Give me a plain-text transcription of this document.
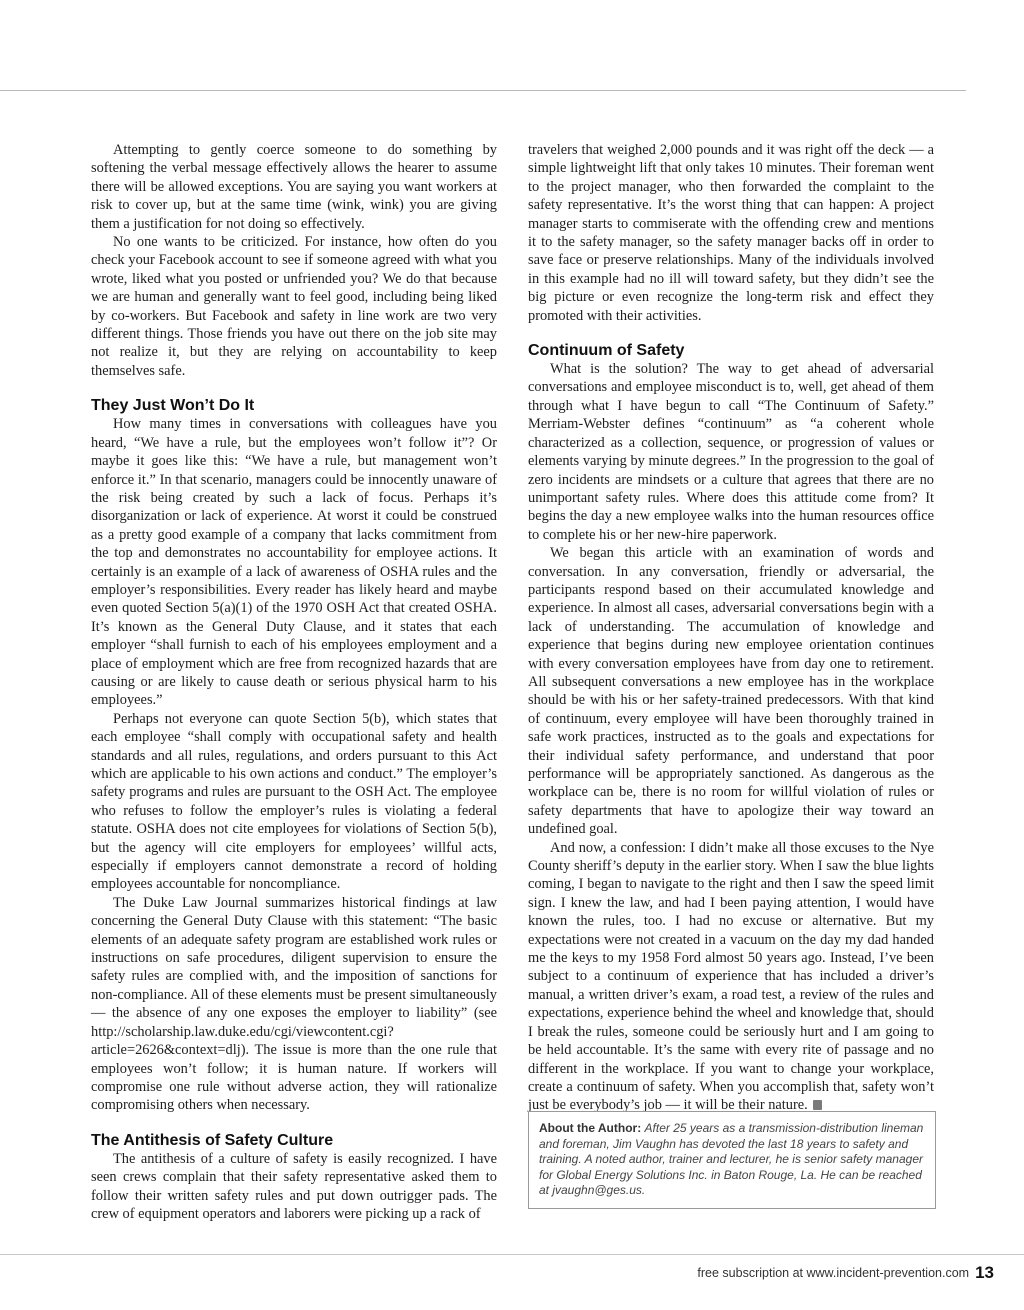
Attempting to gently coerce someone to do something by softening the verbal message effectively allows the hearer to assume there will be allowed exceptions. You are saying you want workers at risk to cover up, but at the same time (wink, wink) you are giving them a justification for not doing so effectively.

No one wants to be criticized. For instance, how often do you check your Facebook account to see if someone agreed with what you wrote, liked what you posted or unfriended you? We do that because we are human and generally want to feel good, including being liked by co-workers. But Facebook and safety in line work are two very different things. Those friends you have out there on the job site may not realize it, but they are relying on accountability to keep themselves safe.

They Just Won’t Do It

How many times in conversations with colleagues have you heard, “We have a rule, but the employees won’t follow it”? Or maybe it goes like this: “We have a rule, but management won’t enforce it.” In that scenario, managers could be innocently unaware of the risk being created by such a lack of focus. Perhaps it’s disorganization or lack of experience. At worst it could be construed as a pretty good example of a company that lacks commitment from the top and demonstrates no accountability for employee actions. It certainly is an example of a lack of awareness of OSHA rules and the employer’s responsibilities. Every reader has likely heard and maybe even quoted Section 5(a)(1) of the 1970 OSH Act that created OSHA. It’s known as the General Duty Clause, and it states that each employer “shall furnish to each of his employees employment and a place of employment which are free from recognized hazards that are causing or are likely to cause death or serious physical harm to his employees.”

Perhaps not everyone can quote Section 5(b), which states that each employee “shall comply with occupational safety and health standards and all rules, regulations, and orders pursuant to this Act which are applicable to his own actions and conduct.” The employer’s safety programs and rules are pursuant to the OSH Act. The employee who refuses to follow the employer’s rules is violating a federal statute. OSHA does not cite employees for violations of Section 5(b), but the agency will cite employers for employees’ willful acts, especially if employers cannot demonstrate a record of holding employees accountable for noncompliance.

The Duke Law Journal summarizes historical findings at law concerning the General Duty Clause with this statement: “The basic elements of an adequate safety program are established work rules or instructions on safe procedures, diligent supervision to ensure the safety rules are complied with, and the imposition of sanctions for non-compliance. All of these elements must be present simultaneously — the absence of any one exposes the employer to liability” (see http://scholarship.law.duke.edu/cgi/viewcontent.cgi?article=2626&context=dlj). The issue is more than the one rule that employees won’t follow; it is human nature. If workers will compromise one rule without adverse action, they will rationalize compromising others when necessary.

The Antithesis of Safety Culture

The antithesis of a culture of safety is easily recognized. I have seen crews complain that their safety representative asked them to follow their written safety rules and put down outrigger pads. The crew of equipment operators and laborers were picking up a rack of

travelers that weighed 2,000 pounds and it was right off the deck — a simple lightweight lift that only takes 10 minutes. Their foreman went to the project manager, who then forwarded the complaint to the safety representative. It’s the worst thing that can happen: A project manager starts to commiserate with the offending crew and mentions it to the safety manager, so the safety manager backs off in order to save face or preserve relationships. Many of the individuals involved in this example had no ill will toward safety, but they didn’t see the big picture or even recognize the long-term risk and effect they promoted with their activities.

Continuum of Safety

What is the solution? The way to get ahead of adversarial conversations and employee misconduct is to, well, get ahead of them through what I have begun to call “The Continuum of Safety.” Merriam-Webster defines “continuum” as “a coherent whole characterized as a collection, sequence, or progression of values or elements varying by minute degrees.” In the progression to the goal of zero incidents are mindsets or a culture that agrees that there are no unimportant safety rules. Where does this attitude come from? It begins the day a new employee walks into the human resources office to complete his or her new-hire paperwork.

We began this article with an examination of words and conversation. In any conversation, friendly or adversarial, the participants respond based on their accumulated knowledge and experience. In almost all cases, adversarial conversations begin with a lack of understanding. The accumulation of knowledge and experience that begins during new employee orientation continues with every conversation employees have from day one to retirement. All subsequent conversations a new employee has in the workplace should be with his or her safety-trained predecessors. With that kind of continuum, every employee will have been thoroughly trained in safe work practices, instructed as to the goals and expectations for their individual safety performance, and understand that poor performance will be appropriately sanctioned. As dangerous as the workplace can be, there is no room for willful violation of rules or safety departments that have to apologize their way toward an undefined goal.

And now, a confession: I didn’t make all those excuses to the Nye County sheriff’s deputy in the earlier story. When I saw the blue lights coming, I began to navigate to the right and then I saw the speed limit sign. I knew the law, and had I been paying attention, I would have known the rules, too. I had no excuse or alternative. But my expectations were not created in a vacuum on the day my dad handed me the keys to my 1958 Ford almost 50 years ago. Instead, I’ve been subject to a continuum of experience that has included a driver’s manual, a written driver’s exam, a road test, a review of the rules and expectations, experience behind the wheel and knowledge that, should I break the rules, someone could be seriously hurt and I am going to be held accountable. It’s the same with every rite of passage and no different in the workplace. If you want to change your workplace, create a continuum of safety. When you accomplish that, safety won’t just be everybody’s job — it will be their nature.

About the Author: After 25 years as a transmission-distribution lineman and foreman, Jim Vaughn has devoted the last 18 years to safety and training. A noted author, trainer and lecturer, he is senior safety manager for Global Energy Solutions Inc. in Baton Rouge, La. He can be reached at jvaughn@ges.us.
free subscription at www.incident-prevention.com 13
